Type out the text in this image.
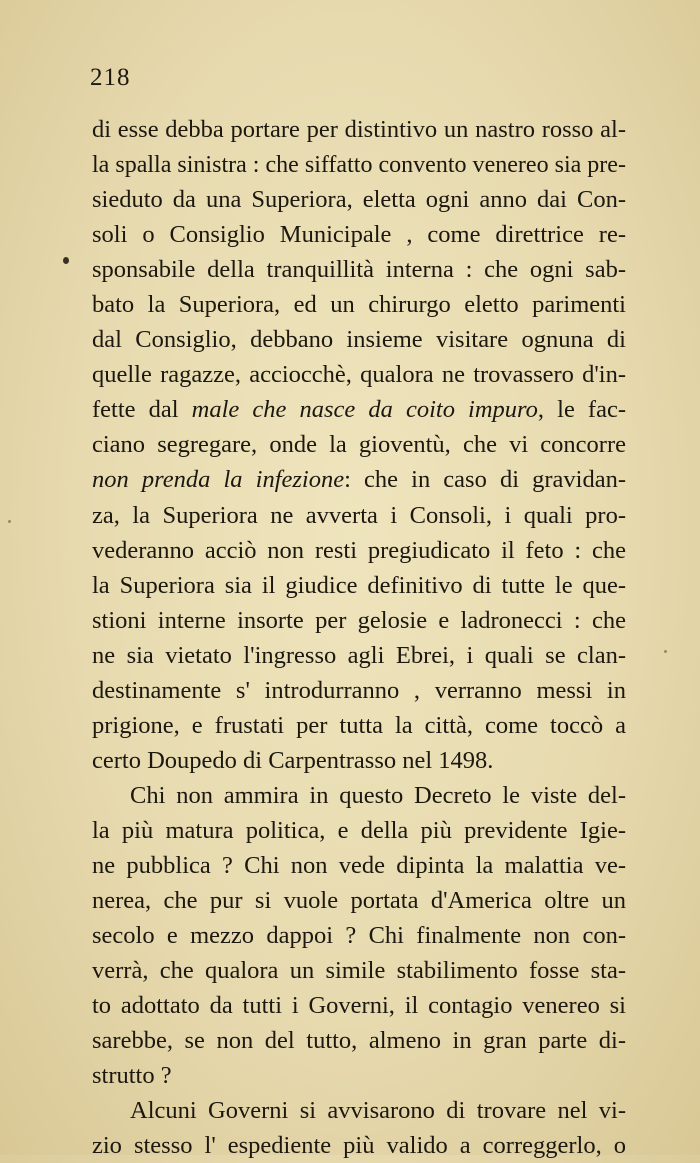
218
di esse debba portare per distintivo un nastro rosso al-
la spalla sinistra : che siffatto convento venereo sia pre-
sieduto da una Superiora, eletta ogni anno dai Con-
soli o Consiglio Municipale , come direttrice re-
sponsabile della tranquillità interna : che ogni sab-
bato la Superiora, ed un chirurgo eletto parimenti
dal Consiglio, debbano insieme visitare ognuna di
quelle ragazze, acciocchè, qualora ne trovassero d'in-
fette dal male che nasce da coito impuro, le fac-
ciano segregare, onde la gioventù, che vi concorre
non prenda la infezione: che in caso di gravidan-
za, la Superiora ne avverta i Consoli, i quali pro-
vederanno acciò non resti pregiudicato il feto : che
la Superiora sia il giudice definitivo di tutte le que-
stioni interne insorte per gelosie e ladronecci : che
ne sia vietato l'ingresso agli Ebrei, i quali se clan-
destinamente s' introdurranno , verranno messi in
prigione, e frustati per tutta la città, come toccò a
certo Doupedo di Carpentrasso nel 1498.
Chi non ammira in questo Decreto le viste del-
la più matura politica, e della più previdente Igie-
ne pubblica ? Chi non vede dipinta la malattia ve-
nerea, che pur si vuole portata d'America oltre un
secolo e mezzo dappoi ? Chi finalmente non con-
verrà, che qualora un simile stabilimento fosse sta-
to adottato da tutti i Governi, il contagio venereo si
sarebbe, se non del tutto, almeno in gran parte di-
strutto ?
Alcuni Governi si avvisarono di trovare nel vi-
zio stesso l' espediente più valido a correggerlo, o
